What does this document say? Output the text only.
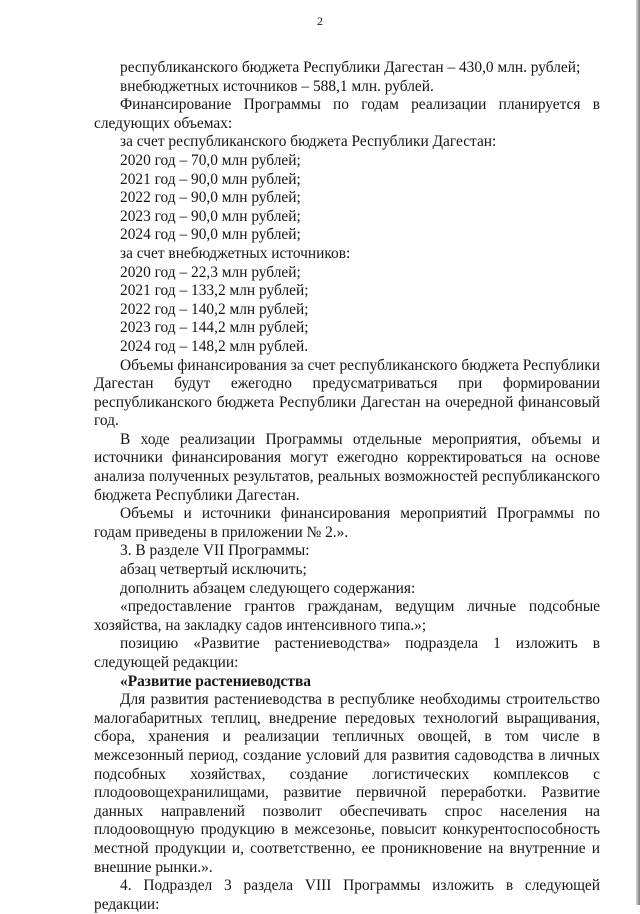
2

республиканского бюджета Республики Дагестан – 430,0 млн. рублей;

внебюджетных источников – 588,1 млн. рублей.

Финансирование Программы по годам реализации планируется в следующих объемах:

за счет республиканского бюджета Республики Дагестан:

2020 год – 70,0 млн рублей;

2021 год – 90,0 млн рублей;

2022 год – 90,0 млн рублей;

2023 год – 90,0 млн рублей;

2024 год – 90,0 млн рублей;

за счет внебюджетных источников:

2020 год – 22,3 млн рублей;

2021 год – 133,2 млн рублей;

2022 год – 140,2 млн рублей;

2023 год – 144,2 млн рублей;

2024 год – 148,2 млн рублей.

Объемы финансирования за счет республиканского бюджета Республики Дагестан будут ежегодно предусматриваться при формировании республиканского бюджета Республики Дагестан на очередной финансовый год.

В ходе реализации Программы отдельные мероприятия, объемы и источники финансирования могут ежегодно корректироваться на основе анализа полученных результатов, реальных возможностей республиканского бюджета Республики Дагестан.

Объемы и источники финансирования мероприятий Программы по годам приведены в приложении № 2.».

3. В разделе VII Программы:

абзац четвертый исключить;

дополнить абзацем следующего содержания:

«предоставление грантов гражданам, ведущим личные подсобные хозяйства, на закладку садов интенсивного типа.»;

позицию «Развитие растениеводства» подраздела 1 изложить в следующей редакции:

«Развитие растениеводства

Для развития растениеводства в республике необходимы строительство малогабаритных теплиц, внедрение передовых технологий выращивания, сбора, хранения и реализации тепличных овощей, в том числе в межсезонный период, создание условий для развития садоводства в личных подсобных хозяйствах, создание логистических комплексов с плодоовощехранилищами, развитие первичной переработки. Развитие данных направлений позволит обеспечивать спрос населения на плодоовощную продукцию в межсезонье, повысит конкурентоспособность местной продукции и, соответственно, ее проникновение на внутренние и внешние рынки.».

4. Подраздел 3 раздела VIII Программы изложить в следующей редакции:
